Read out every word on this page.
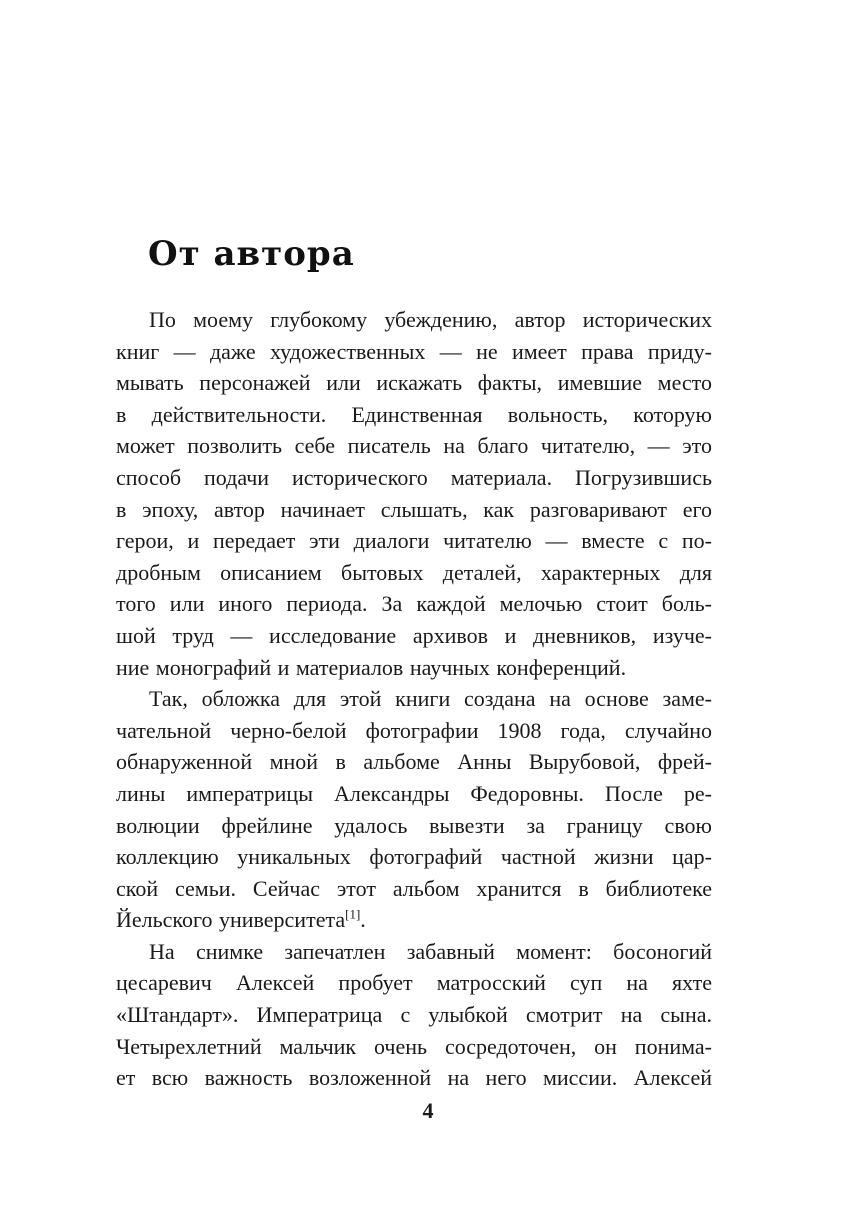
От автора
По моему глубокому убеждению, автор исторических
книг — даже художественных — не имеет права приду-
мывать персонажей или искажать факты, имевшие место
в действительности. Единственная вольность, которую
может позволить себе писатель на благо читателю, — это
способ подачи исторического материала. Погрузившись
в эпоху, автор начинает слышать, как разговаривают его
герои, и передает эти диалоги читателю — вместе с по-
дробным описанием бытовых деталей, характерных для
того или иного периода. За каждой мелочью стоит боль-
шой труд — исследование архивов и дневников, изуче-
ние монографий и материалов научных конференций.
Так, обложка для этой книги создана на основе заме-
чательной черно-белой фотографии 1908 года, случайно
обнаруженной мной в альбоме Анны Вырубовой, фрей-
лины императрицы Александры Федоровны. После ре-
волюции фрейлине удалось вывезти за границу свою
коллекцию уникальных фотографий частной жизни цар-
ской семьи. Сейчас этот альбом хранится в библиотеке
Йельского университета[1].
На снимке запечатлен забавный момент: босоногий
цесаревич Алексей пробует матросский суп на яхте
«Штандарт». Императрица с улыбкой смотрит на сына.
Четырехлетний мальчик очень сосредоточен, он понима-
ет всю важность возложенной на него миссии. Алексей

4
